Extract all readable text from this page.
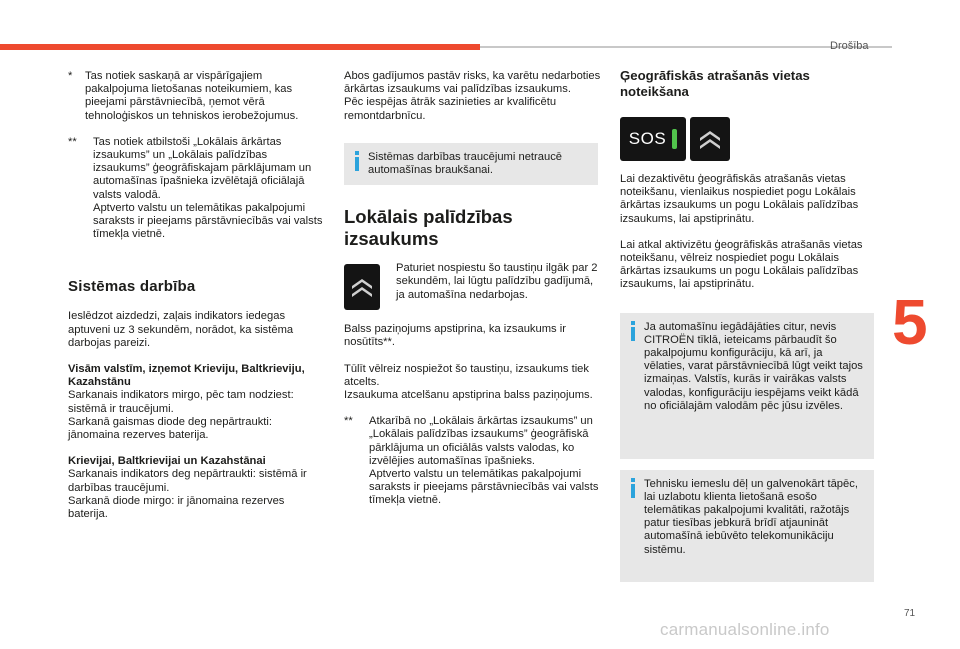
Drošība
5
71
carmanualsonline.info
* Tas notiek saskaņā ar vispārīgajiem pakalpojuma lietošanas noteikumiem, kas pieejami pārstāvniecībā, ņemot vērā tehnoloģiskos un tehniskos ierobežojumus.

** Tas notiek atbilstoši „Lokālais ārkārtas izsaukums” un „Lokālais palīdzības izsaukums” ģeogrāfiskajam pārklājumam un automašīnas īpašnieka izvēlētajā oficiālajā valsts valodā.

Aptverto valstu un telemātikas pakalpojumi saraksts ir pieejams pārstāvniecībās vai valsts tīmekļa vietnē.

Sistēmas darbība

Ieslēdzot aizdedzi, zaļais indikators iedegas aptuveni uz 3 sekundēm, norādot, ka sistēma darbojas pareizi.

Visām valstīm, izņemot Krieviju, Baltkrieviju, Kazahstānu

Sarkanais indikators mirgo, pēc tam nodziest: sistēmā ir traucējumi.

Sarkanā gaismas diode deg nepārtraukti: jānomaina rezerves baterija.

Krievijai, Baltkrievijai un Kazahstānai

Sarkanais indikators deg nepārtraukti: sistēmā ir darbības traucējumi.

Sarkanā diode mirgo: ir jānomaina rezerves baterija.

Abos gadījumos pastāv risks, ka varētu nedarboties ārkārtas izsaukums vai palīdzības izsaukums.

Pēc iespējas ātrāk sazinieties ar kvalificētu remontdarbnīcu.

Sistēmas darbības traucējumi netraucē automašīnas braukšanai.

Lokālais palīdzības izsaukums

Paturiet nospiestu šo taustiņu ilgāk par 2 sekundēm, lai lūgtu palīdzību gadījumā, ja automašīna nedarbojas.

Balss paziņojums apstiprina, ka izsaukums ir nosūtīts**.

Tūlīt vēlreiz nospiežot šo taustiņu, izsaukums tiek atcelts.

Izsaukuma atcelšanu apstiprina balss paziņojums.

** Atkarībā no „Lokālais ārkārtas izsaukums” un „Lokālais palīdzības izsaukums” ģeogrāfiskā pārklājuma un oficiālās valsts valodas, ko izvēlējies automašīnas īpašnieks.

Aptverto valstu un telemātikas pakalpojumi saraksts ir pieejams pārstāvniecībās vai valsts tīmekļa vietnē.

Ģeogrāfiskās atrašanās vietas noteikšana
SOS

Lai dezaktivētu ģeogrāfiskās atrašanās vietas noteikšanu, vienlaikus nospiediet pogu Lokālais ārkārtas izsaukums un pogu Lokālais palīdzības izsaukums, lai apstiprinātu.

Lai atkal aktivizētu ģeogrāfiskās atrašanās vietas noteikšanu, vēlreiz nospiediet pogu Lokālais ārkārtas izsaukums un pogu Lokālais palīdzības izsaukums, lai apstiprinātu.

Ja automašīnu iegādājāties citur, nevis CITROËN tīklā, ieteicams pārbaudīt šo pakalpojumu konfigurāciju, kā arī, ja vēlaties, varat pārstāvniecībā lūgt veikt tajos izmaiņas. Valstīs, kurās ir vairākas valsts valodas, konfigurāciju iespējams veikt kādā no oficiālajām valodām pēc jūsu izvēles.

Tehnisku iemeslu dēļ un galvenokārt tāpēc, lai uzlabotu klienta lietošanā esošo telemātikas pakalpojumi kvalitāti, ražotājs patur tiesības jebkurā brīdī atjaunināt automašīnā iebūvēto telekomunikāciju sistēmu.
